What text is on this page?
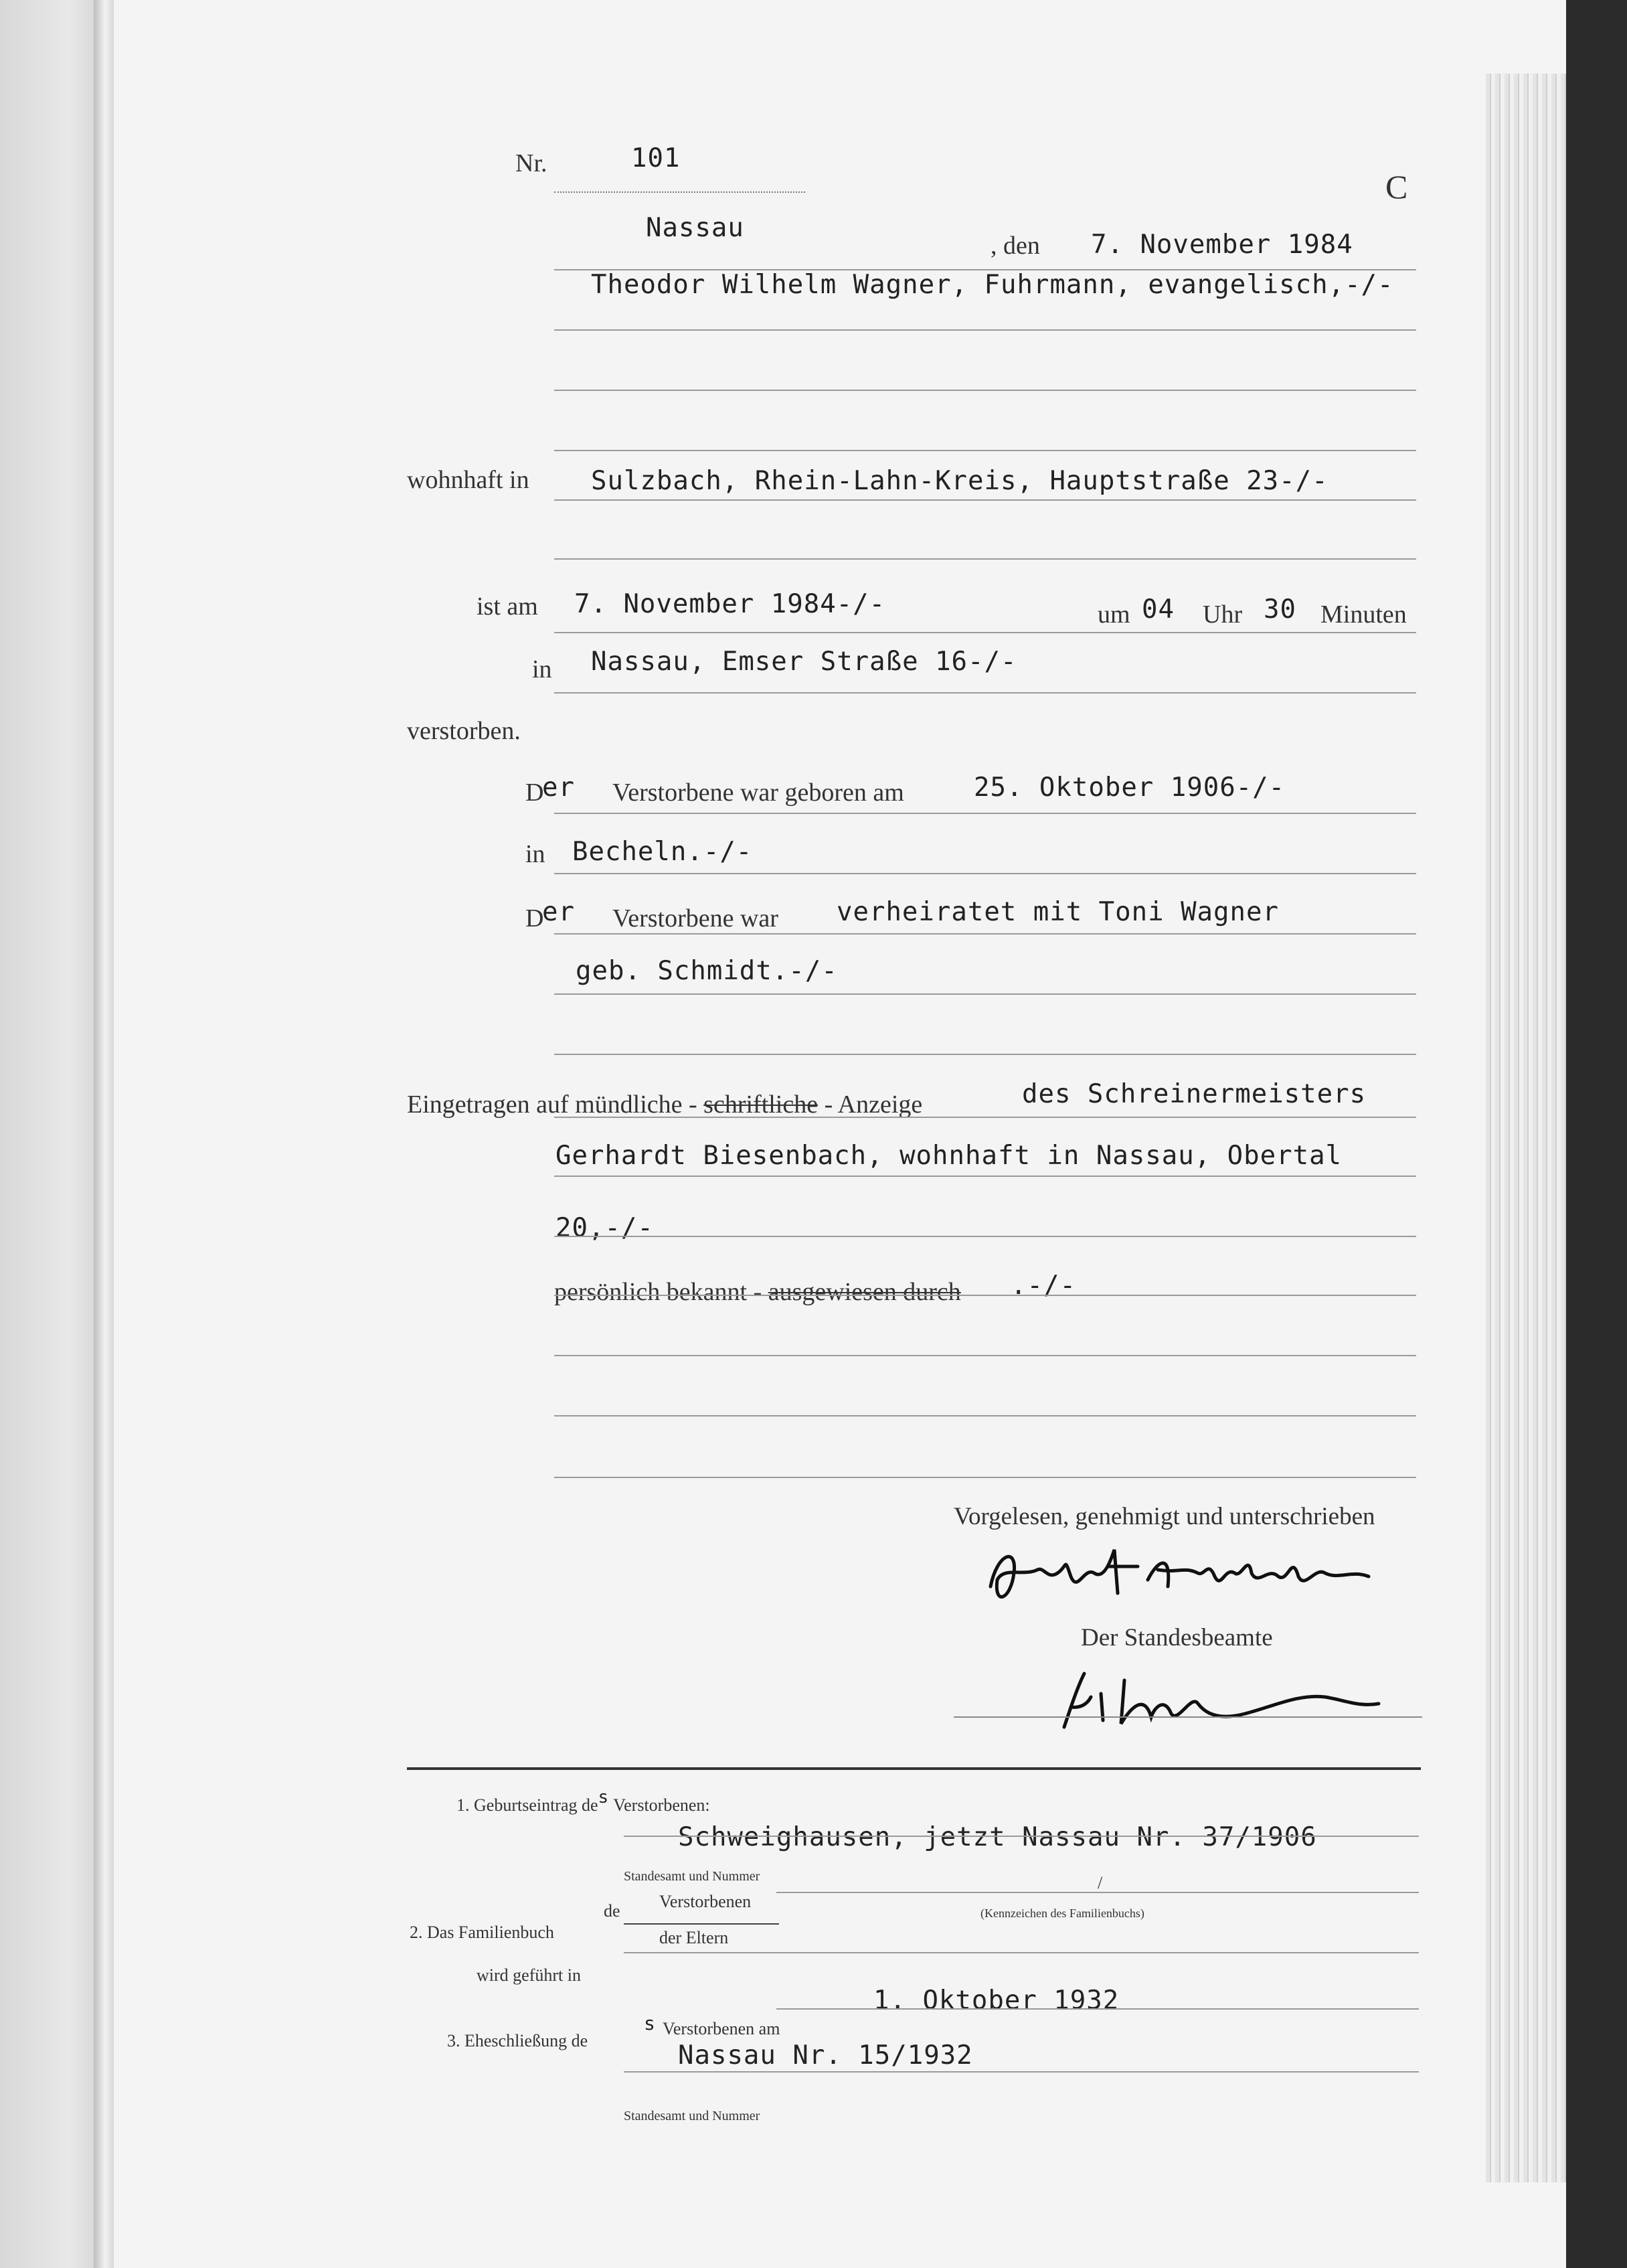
Nr.	101
C
Nassau
, den 7. November 1984
Theodor Wilhelm Wagner, Fuhrmann, evangelisch,-/-
wohnhaft in Sulzbach, Rhein-Lahn-Kreis, Hauptstraße 23-/-
ist am 7. November 1984-/-	um 04 Uhr 30 Minuten
in Nassau, Emser Straße 16-/-
verstorben.
D
er Verstorbene war geboren am	25. Oktober 1906-/-
in Becheln.-/-
D
er Verstorbene war verheiratet mit Toni Wagner
geb. Schmidt.-/-
Eingetragen auf mündliche - schriftliche - Anzeige	des Schreinermeisters
Gerhardt Biesenbach, wohnhaft in Nassau, Obertal
20,-/-
persönlich bekannt - ausgewiesen durch .-/-
Vorgelesen, genehmigt und unterschrieben
Der Standesbeamte
1. Geburtseintrag des Verstorbenen:
Schweighausen, jetzt Nassau Nr. 37/1906
Standesamt und Nummer	/
2. Das Familienbuch
de Verstorbenen
der Eltern
(Kennzeichen des Familienbuchs)
wird geführt in
3. Eheschließung de
s Verstorbenen am
1. Oktober 1932
Nassau Nr. 15/1932
Standesamt und Nummer
